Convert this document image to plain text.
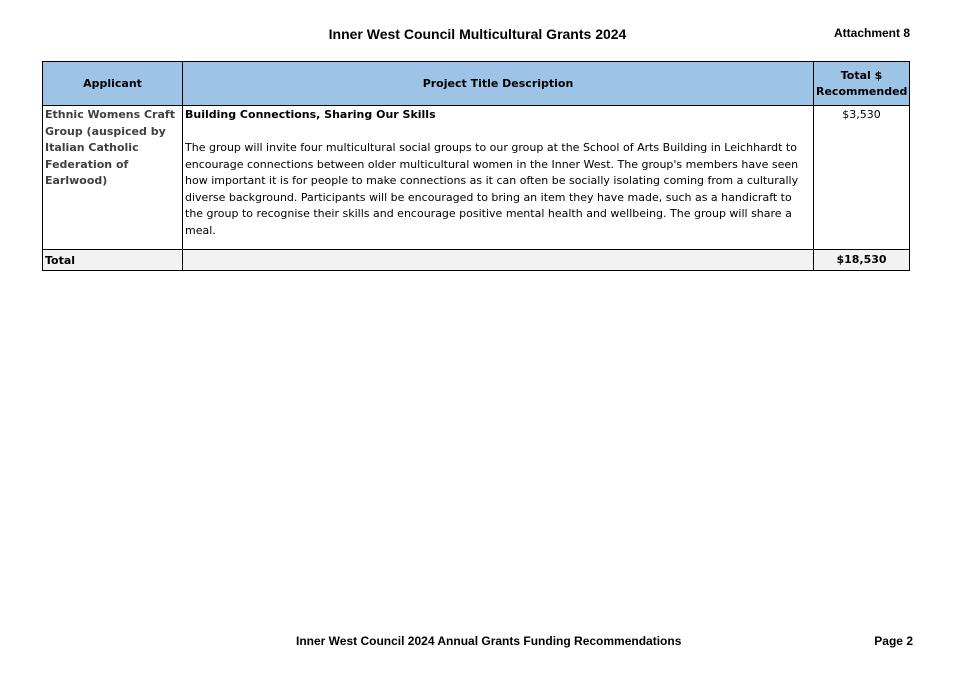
Inner West Council Multicultural Grants 2024	Attachment 8
Applicant	Project Title Description	Total $
Recommended
Ethnic Womens Craft Group (auspiced by Italian Catholic Federation of Earlwood)	Building Connections, Sharing Our Skills
The group will invite four multicultural social groups to our group at the School of Arts Building in Leichhardt to encourage connections between older multicultural women in the Inner West. The group's members have seen how important it is for people to make connections as it can often be socially isolating coming from a culturally diverse background. Participants will be encouraged to bring an item they have made, such as a handicraft to the group to recognise their skills and encourage positive mental health and wellbeing. The group will share a meal.	$3,530
Total		$18,530
Inner West Council 2024 Annual Grants Funding Recommendations	Page 2
